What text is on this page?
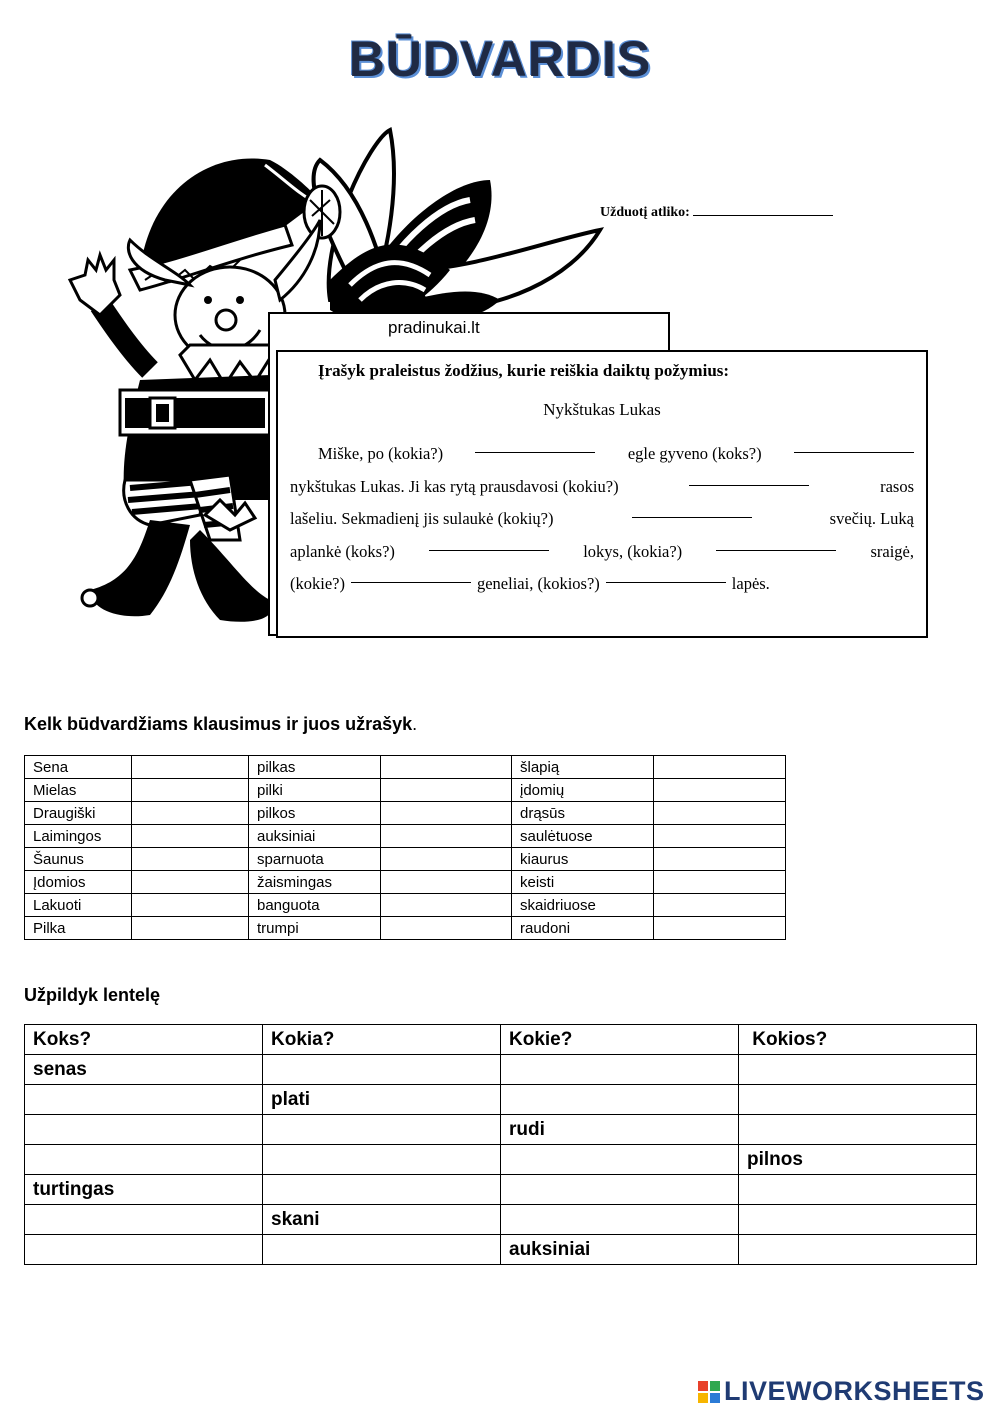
BŪDVARDIS
Užduotį atliko:
pradinukai.lt
Įrašyk praleistus žodžius, kurie reiškia daiktų požymius:
Nykštukas Lukas
Miške, po (kokia?)	egle gyveno (koks?)
nykštukas Lukas. Ji kas rytą prausdavosi (kokiu?)	rasos
lašeliu. Sekmadienį jis sulaukė (kokių?)	svečių. Luką
aplankė (koks?)	lokys, (kokia?)	sraigė,
(kokie?)	geneliai, (kokios?)	lapės.
Kelk būdvardžiams klausimus ir juos užrašyk.
Sena		pilkas		šlapią	
Mielas		pilki		įdomių	
Draugiški		pilkos		drąsūs	
Laimingos		auksiniai		saulėtuose	
Šaunus		sparnuota		kiaurus	
Įdomios		žaismingas		keisti	
Lakuoti		banguota		skaidriuose	
Pilka		trumpi		raudoni	
Užpildyk lentelę
Koks?	Kokia?	Kokie?	Kokios?
senas			
	plati		
		rudi	
			pilnos
turtingas			
	skani		
		auksiniai	
LIVEWORKSHEETS
